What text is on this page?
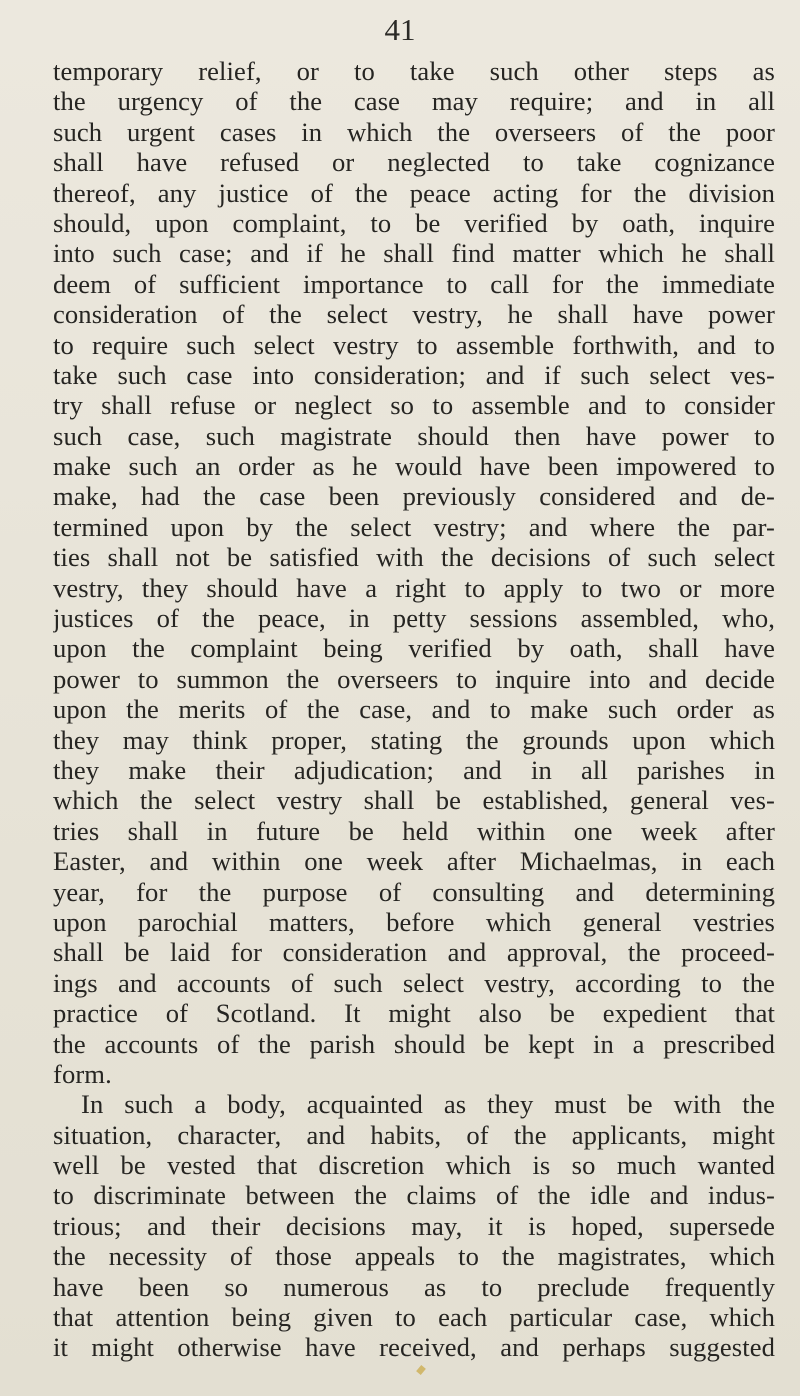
41
temporary relief, or to take such other steps as
the urgency of the case may require; and in all
such urgent cases in which the overseers of the poor
shall have refused or neglected to take cognizance
thereof, any justice of the peace acting for the division
should, upon complaint, to be verified by oath, inquire
into such case; and if he shall find matter which he shall
deem of sufficient importance to call for the immediate
consideration of the select vestry, he shall have power
to require such select vestry to assemble forthwith, and to
take such case into consideration; and if such select ves-
try shall refuse or neglect so to assemble and to consider
such case, such magistrate should then have power to
make such an order as he would have been impowered to
make, had the case been previously considered and de-
termined upon by the select vestry; and where the par-
ties shall not be satisfied with the decisions of such select
vestry, they should have a right to apply to two or more
justices of the peace, in petty sessions assembled, who,
upon the complaint being verified by oath, shall have
power to summon the overseers to inquire into and decide
upon the merits of the case, and to make such order as
they may think proper, stating the grounds upon which
they make their adjudication; and in all parishes in
which the select vestry shall be established, general ves-
tries shall in future be held within one week after
Easter, and within one week after Michaelmas, in each
year, for the purpose of consulting and determining
upon parochial matters, before which general vestries
shall be laid for consideration and approval, the proceed-
ings and accounts of such select vestry, according to the
practice of Scotland. It might also be expedient that
the accounts of the parish should be kept in a prescribed
form.
In such a body, acquainted as they must be with the
situation, character, and habits, of the applicants, might
well be vested that discretion which is so much wanted
to discriminate between the claims of the idle and indus-
trious; and their decisions may, it is hoped, supersede
the necessity of those appeals to the magistrates, which
have been so numerous as to preclude frequently
that attention being given to each particular case, which
it might otherwise have received, and perhaps suggested
